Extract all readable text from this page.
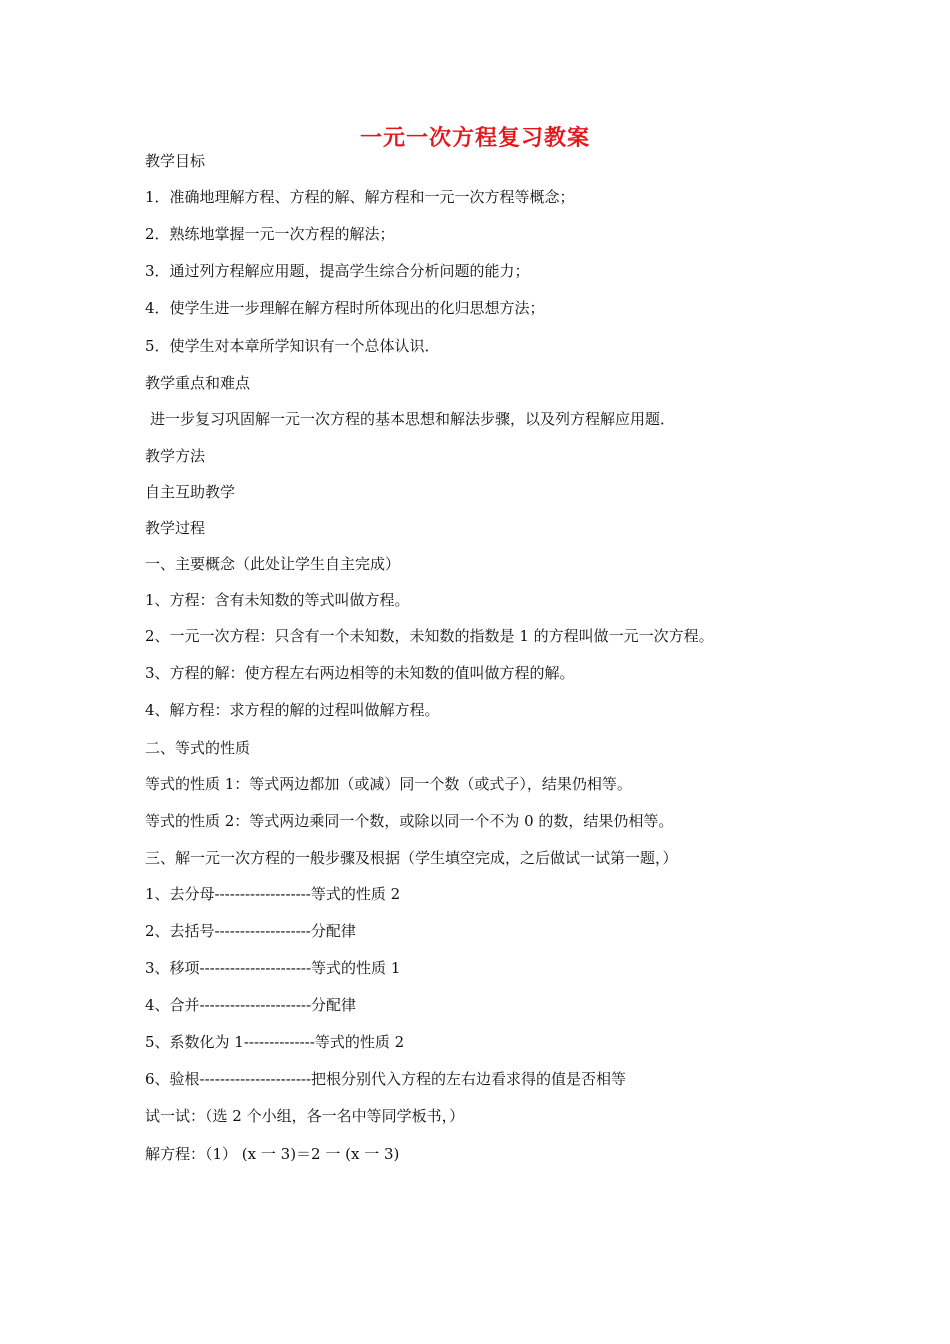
一元一次方程复习教案
教学目标
1．准确地理解方程、方程的解、解方程和一元一次方程等概念；
2．熟练地掌握一元一次方程的解法；
3．通过列方程解应用题，提高学生综合分析问题的能力；
4．使学生进一步理解在解方程时所体现出的化归思想方法；
5．使学生对本章所学知识有一个总体认识．
教学重点和难点
进一步复习巩固解一元一次方程的基本思想和解法步骤，以及列方程解应用题．
教学方法
自主互助教学
教学过程
一、主要概念（此处让学生自主完成）
1、方程：含有未知数的等式叫做方程。
2、一元一次方程：只含有一个未知数，未知数的指数是 1 的方程叫做一元一次方程。
3、方程的解：使方程左右两边相等的未知数的值叫做方程的解。
4、解方程：求方程的解的过程叫做解方程。
二、等式的性质
等式的性质 1：等式两边都加（或减）同一个数（或式子），结果仍相等。
等式的性质 2：等式两边乘同一个数，或除以同一个不为 0 的数，结果仍相等。
三、解一元一次方程的一般步骤及根据（学生填空完成，之后做试一试第一题，）
1、去分母-------------------等式的性质 2
2、去括号-------------------分配律
3、移项----------------------等式的性质 1
4、合并----------------------分配律
5、系数化为 1--------------等式的性质 2
6、验根----------------------把根分别代入方程的左右边看求得的值是否相等
试一试：（选 2 个小组，各一名中等同学板书，）
解方程：（1） (x 一 3)＝2 一 (x 一 3)
